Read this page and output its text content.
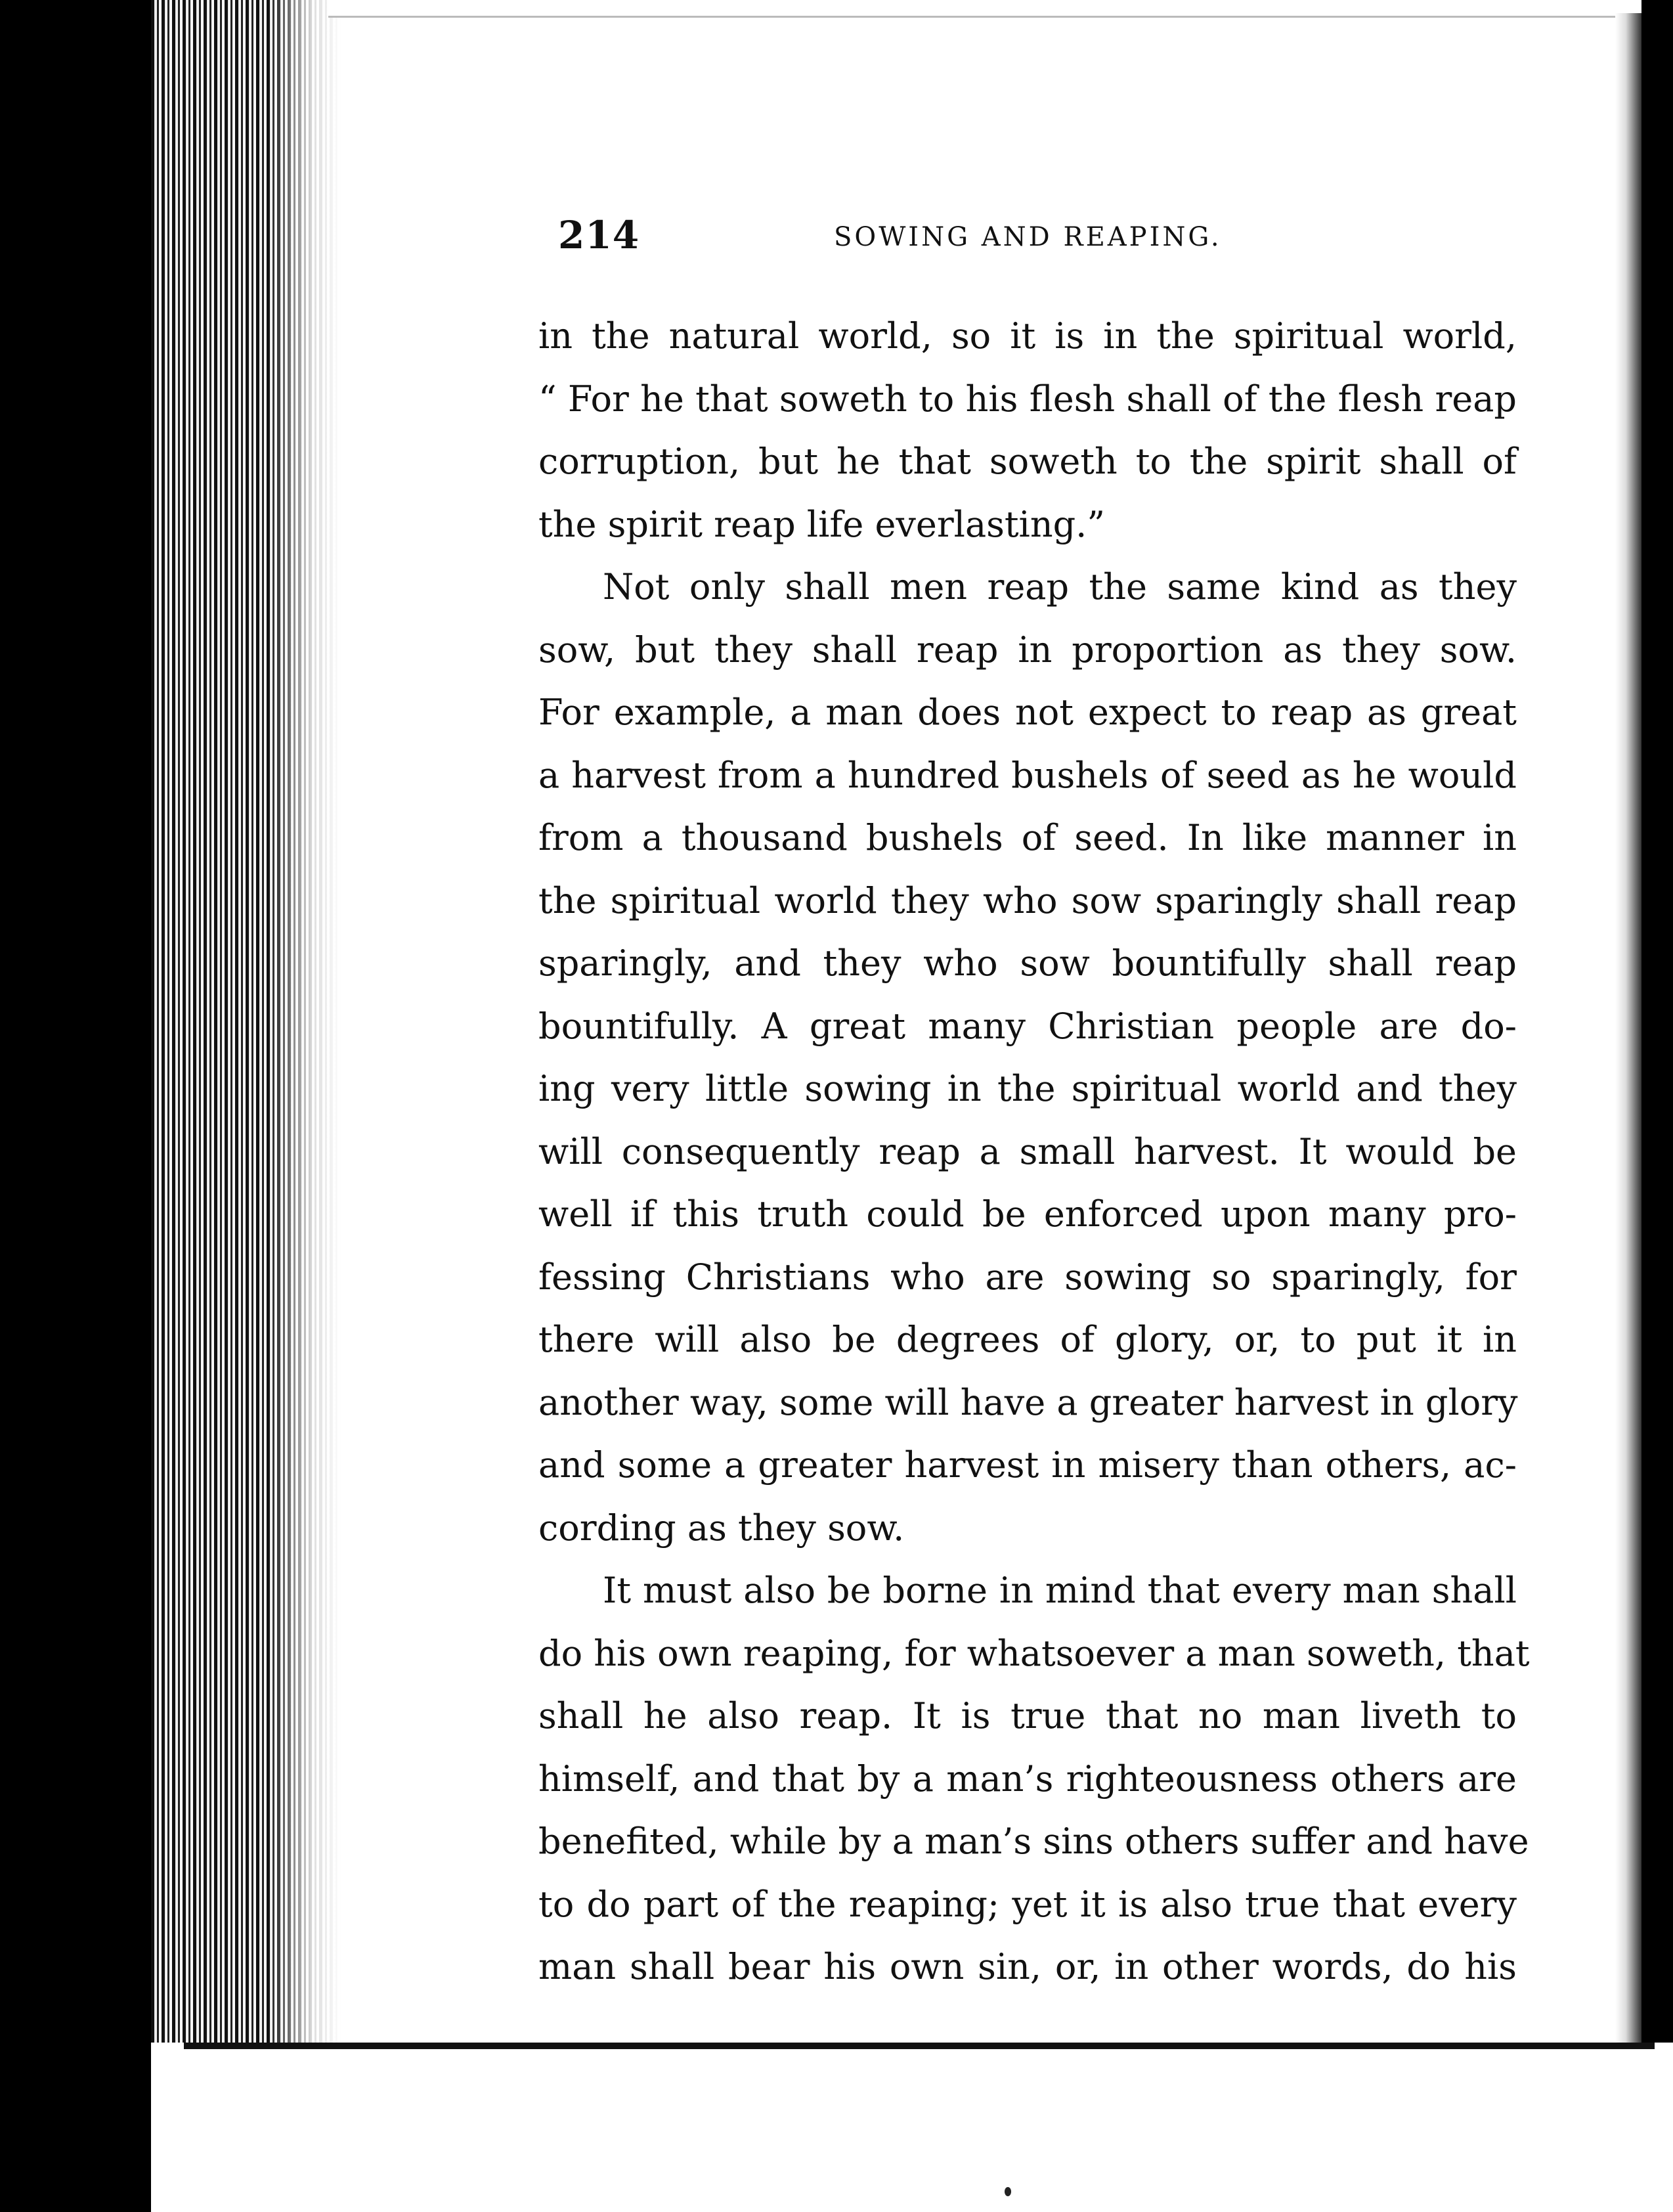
214	SOWING AND REAPING.
in the natural world, so it is in the spiritual world,
“ For he that soweth to his flesh shall of the flesh reap
corruption, but he that soweth to the spirit shall of
the spirit reap life everlasting.”
Not only shall men reap the same kind as they
sow, but they shall reap in proportion as they sow.
For example, a man does not expect to reap as great
a harvest from a hundred bushels of seed as he would
from a thousand bushels of seed. In like manner in
the spiritual world they who sow sparingly shall reap
sparingly, and they who sow bountifully shall reap
bountifully. A great many Christian people are do-
ing very little sowing in the spiritual world and they
will consequently reap a small harvest. It would be
well if this truth could be enforced upon many pro-
fessing Christians who are sowing so sparingly, for
there will also be degrees of glory, or, to put it in
another way, some will have a greater harvest in glory
and some a greater harvest in misery than others, ac-
cording as they sow.
It must also be borne in mind that every man shall
do his own reaping, for whatsoever a man soweth, that
shall he also reap. It is true that no man liveth to
himself, and that by a man’s righteousness others are
benefited, while by a man’s sins others suffer and have
to do part of the reaping; yet it is also true that every
man shall bear his own sin, or, in other words, do his
